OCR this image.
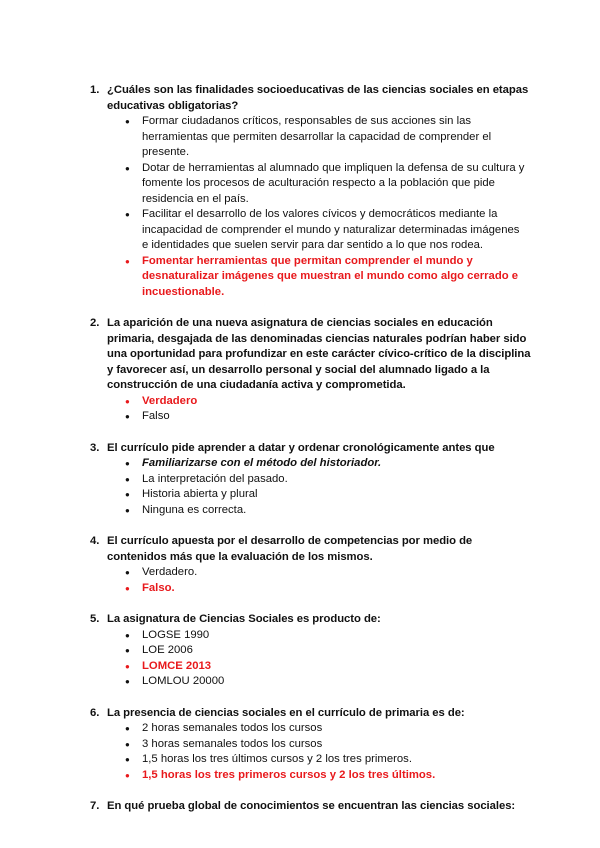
1. ¿Cuáles son las finalidades socioeducativas de las ciencias sociales en etapas educativas obligatorias?
● Formar ciudadanos críticos, responsables de sus acciones sin las herramientas que permiten desarrollar la capacidad de comprender el presente.
● Dotar de herramientas al alumnado que impliquen la defensa de su cultura y fomente los procesos de aculturación respecto a la población que pide residencia en el país.
● Facilitar el desarrollo de los valores cívicos y democráticos mediante la incapacidad de comprender el mundo y naturalizar determinadas imágenes e identidades que suelen servir para dar sentido a lo que nos rodea.
● Fomentar herramientas que permitan comprender el mundo y desnaturalizar imágenes que muestran el mundo como algo cerrado e incuestionable.
2. La aparición de una nueva asignatura de ciencias sociales en educación primaria, desgajada de las denominadas ciencias naturales podrían haber sido una oportunidad para profundizar en este carácter cívico-crítico de la disciplina y favorecer así, un desarrollo personal y social del alumnado ligado a la construcción de una ciudadanía activa y comprometida.
● Verdadero
● Falso
3. El currículo pide aprender a datar y ordenar cronológicamente antes que
● Familiarizarse con el método del historiador.
● La interpretación del pasado.
● Historia abierta y plural
● Ninguna es correcta.
4. El currículo apuesta por el desarrollo de competencias por medio de contenidos más que la evaluación de los mismos.
● Verdadero.
● Falso.
5. La asignatura de Ciencias Sociales es producto de:
● LOGSE 1990
● LOE 2006
● LOMCE 2013
● LOMLOU 20000
6. La presencia de ciencias sociales en el currículo de primaria es de:
● 2 horas semanales todos los cursos
● 3 horas semanales todos los cursos
● 1,5 horas los tres últimos cursos y 2 los tres primeros.
● 1,5 horas los tres primeros cursos y 2 los tres últimos.
7. En qué prueba global de conocimientos se encuentran las ciencias sociales:
